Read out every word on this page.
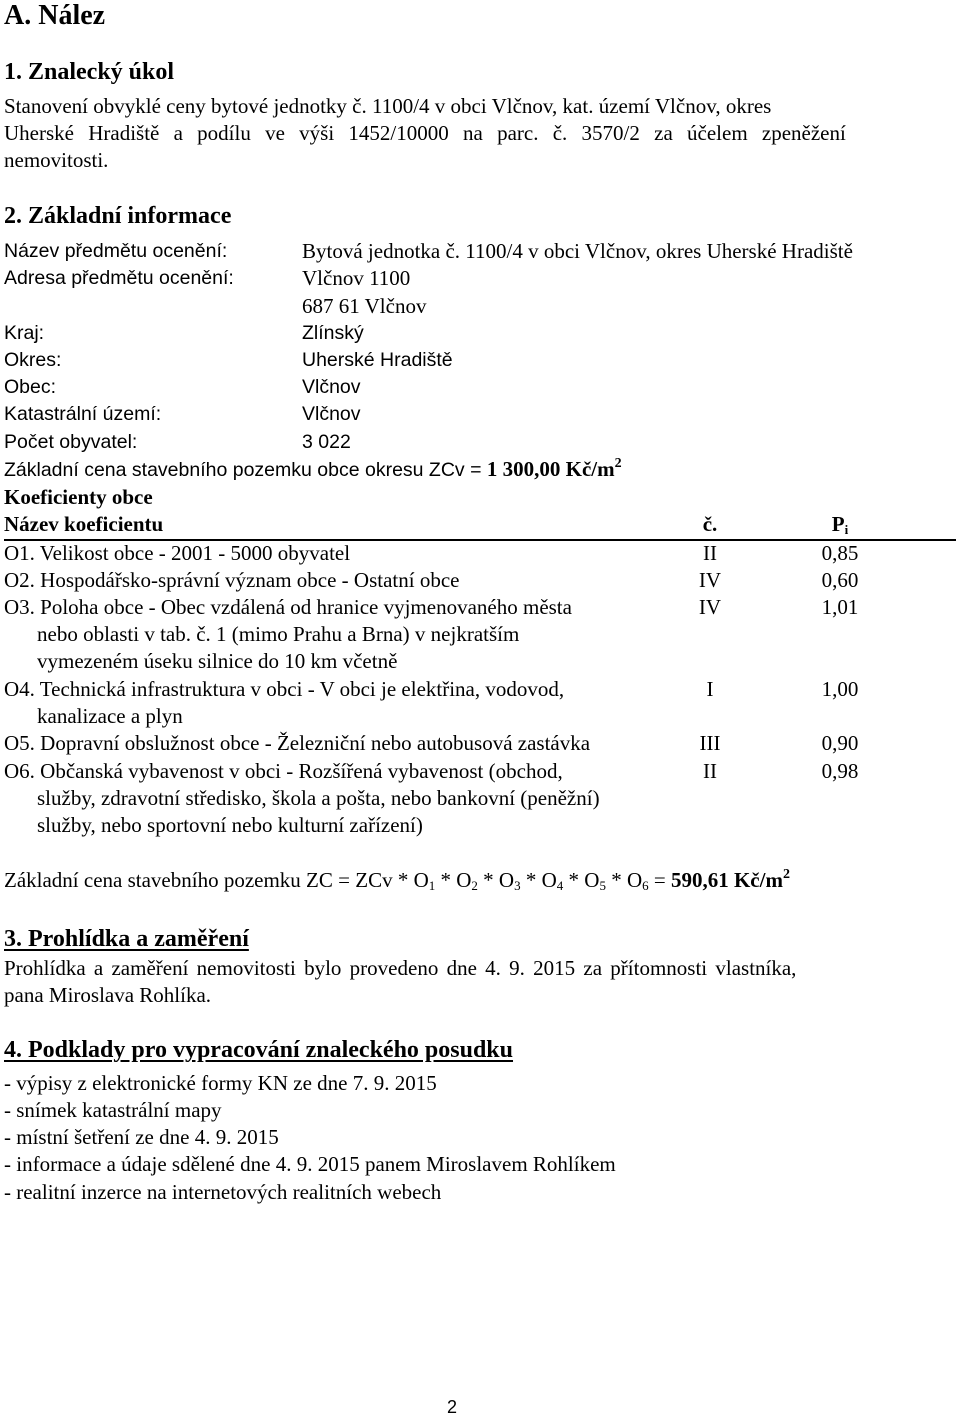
A. Nález
1. Znalecký úkol
Stanovení obvyklé ceny bytové jednotky č. 1100/4 v obci Vlčnov, kat. území Vlčnov, okres
Uherské Hradiště a podílu ve výši 1452/10000 na parc. č. 3570/2 za účelem zpeněžení
nemovitosti.
2. Základní informace
Název předmětu ocenění:	Bytová jednotka č. 1100/4 v obci Vlčnov, okres Uherské Hradiště
Adresa předmětu ocenění:	Vlčnov 1100
687 61 Vlčnov
Kraj:	Zlínský
Okres:	Uherské Hradiště
Obec:	Vlčnov
Katastrální území:	Vlčnov
Počet obyvatel:	3 022
Základní cena stavebního pozemku obce okresu ZCv = 1 300,00 $Kč/m^2$
Koeficienty obce
Název koeficientu	č.	$P_i$
O1. Velikost obce - 2001 - 5000 obyvatel	II	0,85
O2. Hospodářsko-správní význam obce - Ostatní obce	IV	0,60
O3. Poloha obce - Obec vzdálená od hranice vyjmenovaného města
nebo oblasti v tab. č. 1 (mimo Prahu a Brna) v nejkratším
vymezeném úseku silnice do 10 km včetně
IV	1,01
O4. Technická infrastruktura v obci - V obci je elektřina, vodovod,
kanalizace a plyn
I	1,00
O5. Dopravní obslužnost obce - Železniční nebo autobusová zastávka	III	0,90
O6. Občanská vybavenost v obci - Rozšířená vybavenost (obchod,
služby, zdravotní středisko, škola a pošta, nebo bankovní (peněžní)
služby, nebo sportovní nebo kulturní zařízení)
II	0,98
Základní cena stavebního pozemku ZC = ZCv * $O_1 * O_2 * O_3 * O_4 * O_5 * O_6 = 590,61$ $Kč/m^2$
3. Prohlídka a zaměření
Prohlídka a zaměření nemovitosti bylo provedeno dne 4. 9. 2015 za přítomnosti vlastníka,
pana Miroslava Rohlíka.
4. Podklady pro vypracování znaleckého posudku
- výpisy z elektronické formy KN ze dne 7. 9. 2015
- snímek katastrální mapy
- místní šetření ze dne 4. 9. 2015
- informace a údaje sdělené dne 4. 9. 2015 panem Miroslavem Rohlíkem
- realitní inzerce na internetových realitních webech
2
